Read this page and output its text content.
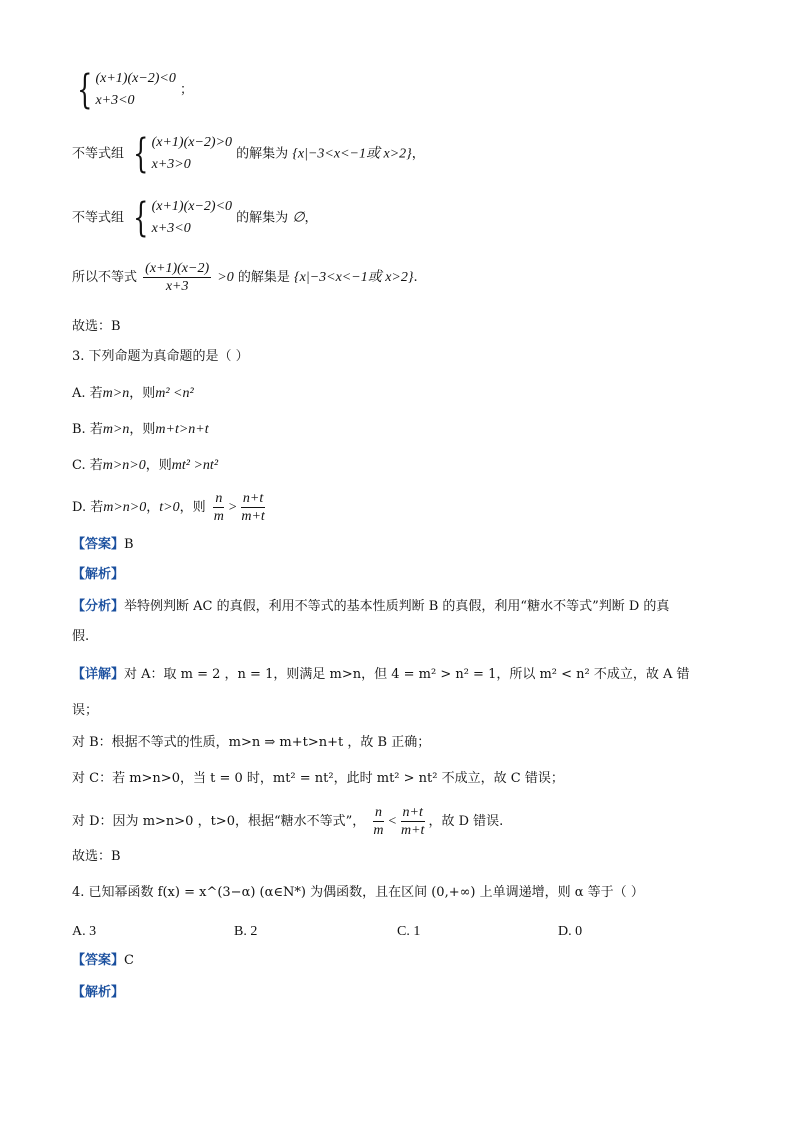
{ (x+1)(x−2)<0
x+3<0
；
不等式组 { (x+1)(x−2)>0
x+3>0
的解集为 {x|−3<x<−1或 x>2}，
不等式组 { (x+1)(x−2)<0
x+3<0
的解集为 ∅，
所以不等式 $\frac{(x+1)(x-2)}{x+3} >0$ 的解集是 {x|−3<x<−1或 x>2}.
故选：B
3. 下列命题为真命题的是（ ）
A. 若m>n，则m² <n²
B. 若m>n，则m+t>n+t
C. 若m>n>0，则mt² >nt²
D. 若m>n>0，t>0，则 $\frac{n}{m} > \frac{n+t}{m+t}$
【答案】B
【解析】
【分析】举特例判断 AC 的真假，利用不等式的基本性质判断 B 的真假，利用“糖水不等式”判断 D 的真
假.
【详解】对 A：取 m = 2 ，n = 1，则满足 m>n，但 4 = m² > n² = 1，所以 m² < n² 不成立，故 A 错
误；
对 B：根据不等式的性质，m>n ⇒ m+t>n+t ，故 B 正确；
对 C：若 m>n>0，当 t = 0 时，mt² = nt²，此时 mt² > nt² 不成立，故 C 错误；
对 D：因为 m>n>0 ，t>0，根据“糖水不等式”， $\frac{n}{m} < \frac{n+t}{m+t}$ ，故 D 错误.
故选：B
4. 已知幂函数 f(x) = x^(3−α) (α∈N*) 为偶函数，且在区间 (0,+∞) 上单调递增，则 α 等于（ ）
A. 3	B. 2	C. 1	D. 0
【答案】C
【解析】
